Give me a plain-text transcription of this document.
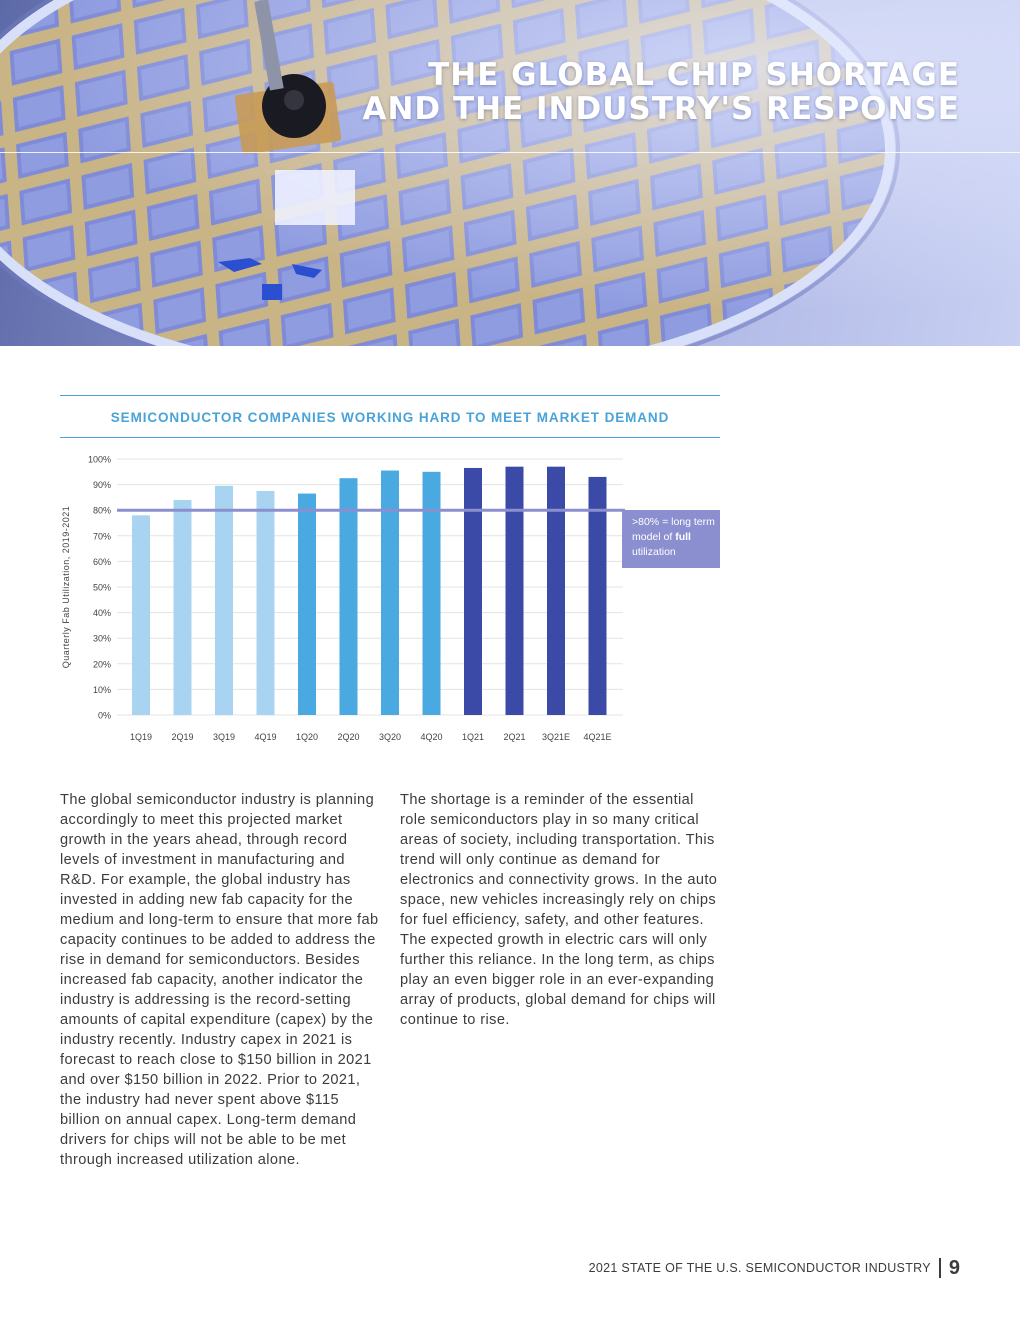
THE GLOBAL CHIP SHORTAGE
AND THE INDUSTRY'S RESPONSE
SEMICONDUCTOR COMPANIES WORKING HARD TO MEET MARKET DEMAND
0%
10%
20%
30%
40%
50%
60%
70%
80%
90%
100%
Quarterly Fab Utilization, 2019-2021
1Q19 2Q19 3Q19 4Q19 1Q20 2Q20 3Q20 4Q20 1Q21 2Q21 3Q21E 4Q21E
>80% = long term model of full utilization

The global semiconductor industry is planning accordingly to meet this projected market growth in the years ahead, through record levels of investment in manufacturing and R&D. For example, the global industry has invested in adding new fab capacity for the medium and long-term to ensure that more fab capacity continues to be added to address the rise in demand for semiconductors. Besides increased fab capacity, another indicator the industry is addressing is the record-setting amounts of capital expenditure (capex) by the industry recently. Industry capex in 2021 is forecast to reach close to $150 billion in 2021 and over $150 billion in 2022. Prior to 2021, the industry had never spent above $115 billion on annual capex. Long-term demand drivers for chips will not be able to be met through increased utilization alone.

The shortage is a reminder of the essential role semiconductors play in so many critical areas of society, including transportation. This trend will only continue as demand for electronics and connectivity grows. In the auto space, new vehicles increasingly rely on chips for fuel efficiency, safety, and other features. The expected growth in electric cars will only further this reliance. In the long term, as chips play an even bigger role in an ever-expanding array of products, global demand for chips will continue to rise.

2021 STATE OF THE U.S. SEMICONDUCTOR INDUSTRY 9
